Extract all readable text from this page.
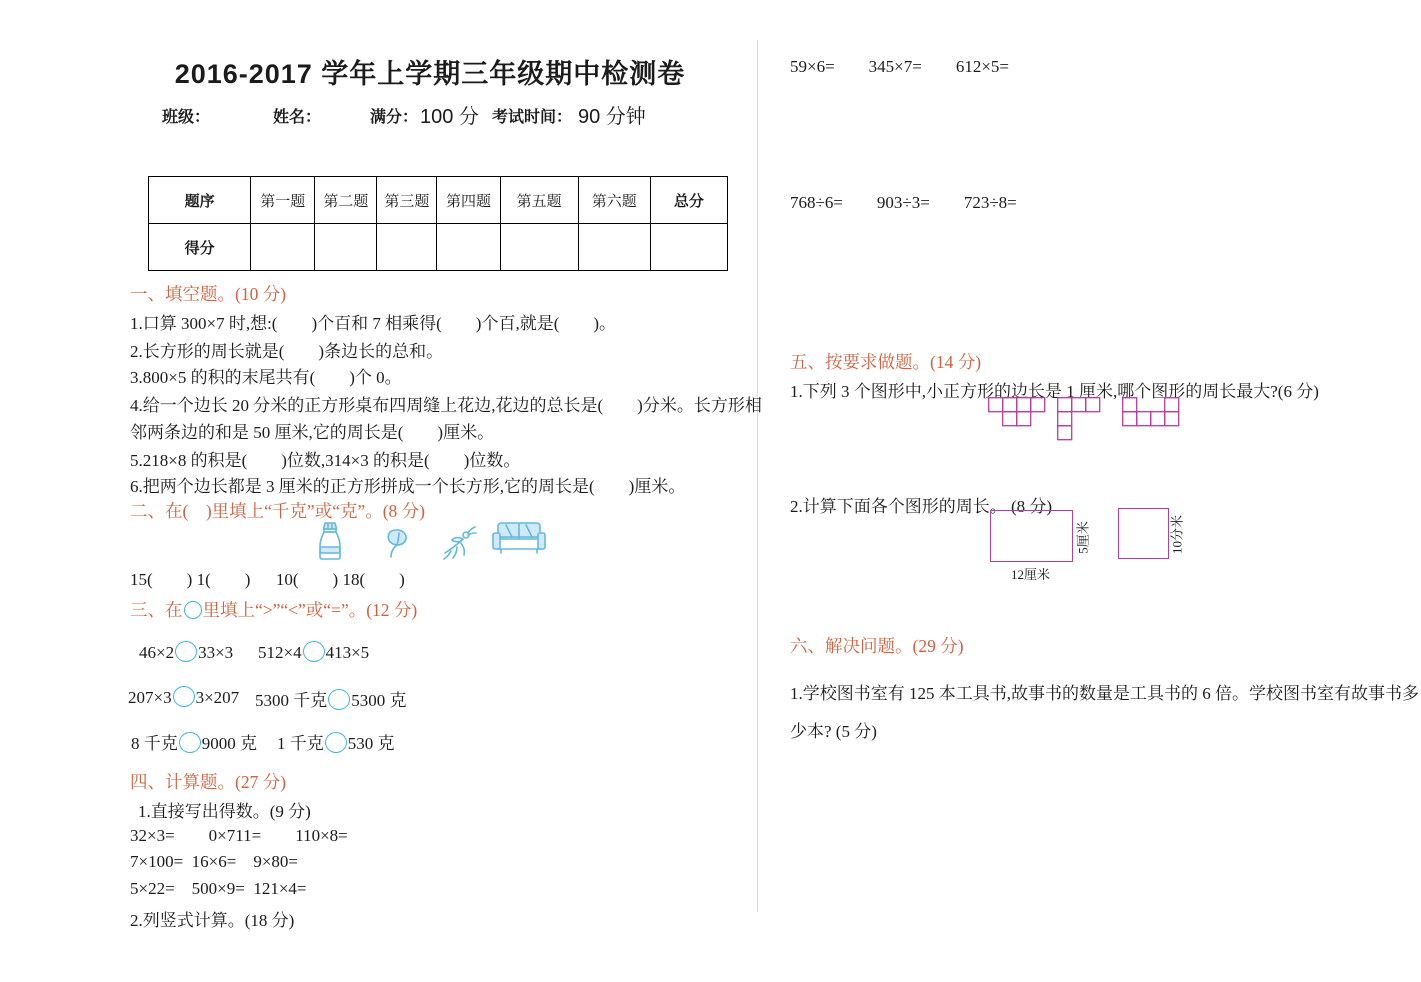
2016-2017 学年上学期三年级期中检测卷
班级：	姓名：	满分： 100 分 考试时间： 90 分钟
题序	第一题	第二题	第三题	第四题	第五题	第六题	总分
得分							
一、填空题。(10 分)
1.口算 300×7 时,想:(　　)个百和 7 相乘得(　　)个百,就是(　　)。
2.长方形的周长就是(　　)条边长的总和。
3.800×5 的积的末尾共有(　　)个 0。
4.给一个边长 20 分米的正方形桌布四周缝上花边,花边的总长是(　　)分米。长方形相
邻两条边的和是 50 厘米,它的周长是(　　)厘米。
5.218×8 的积是(　　)位数,314×3 的积是(　　)位数。
6.把两个边长都是 3 厘米的正方形拼成一个长方形,它的周长是(　　)厘米。
二、在(　)里填上“千克”或“克”。(8 分)
15(　　) 1(　　)　  10(　　) 18(　　)
三、在 里填上“>”“<”或“=”。(12 分)
46×2 33×3 512×4 413×5
207×3 3×207 5300 千克 5300 克
8 千克 9000 克 1 千克 530 克
四、计算题。(27 分)
1.直接写出得数。(9 分)
32×3=        0×711=        110×8=
7×100=  16×6=    9×80=
5×22=    500×9=  121×4=
2.列竖式计算。(18 分)
59×6=        345×7=        612×5=
768÷6=        903÷3=        723÷8=
五、按要求做题。(14 分)
1.下列 3 个图形中,小正方形的边长是 1 厘米,哪个图形的周长最大?(6 分)
2.计算下面各个图形的周长。 (8 分)
12厘米
5厘米	10分米
六、解决问题。(29 分)
1.学校图书室有 125 本工具书,故事书的数量是工具书的 6 倍。学校图书室有故事书多
少本? (5 分)
